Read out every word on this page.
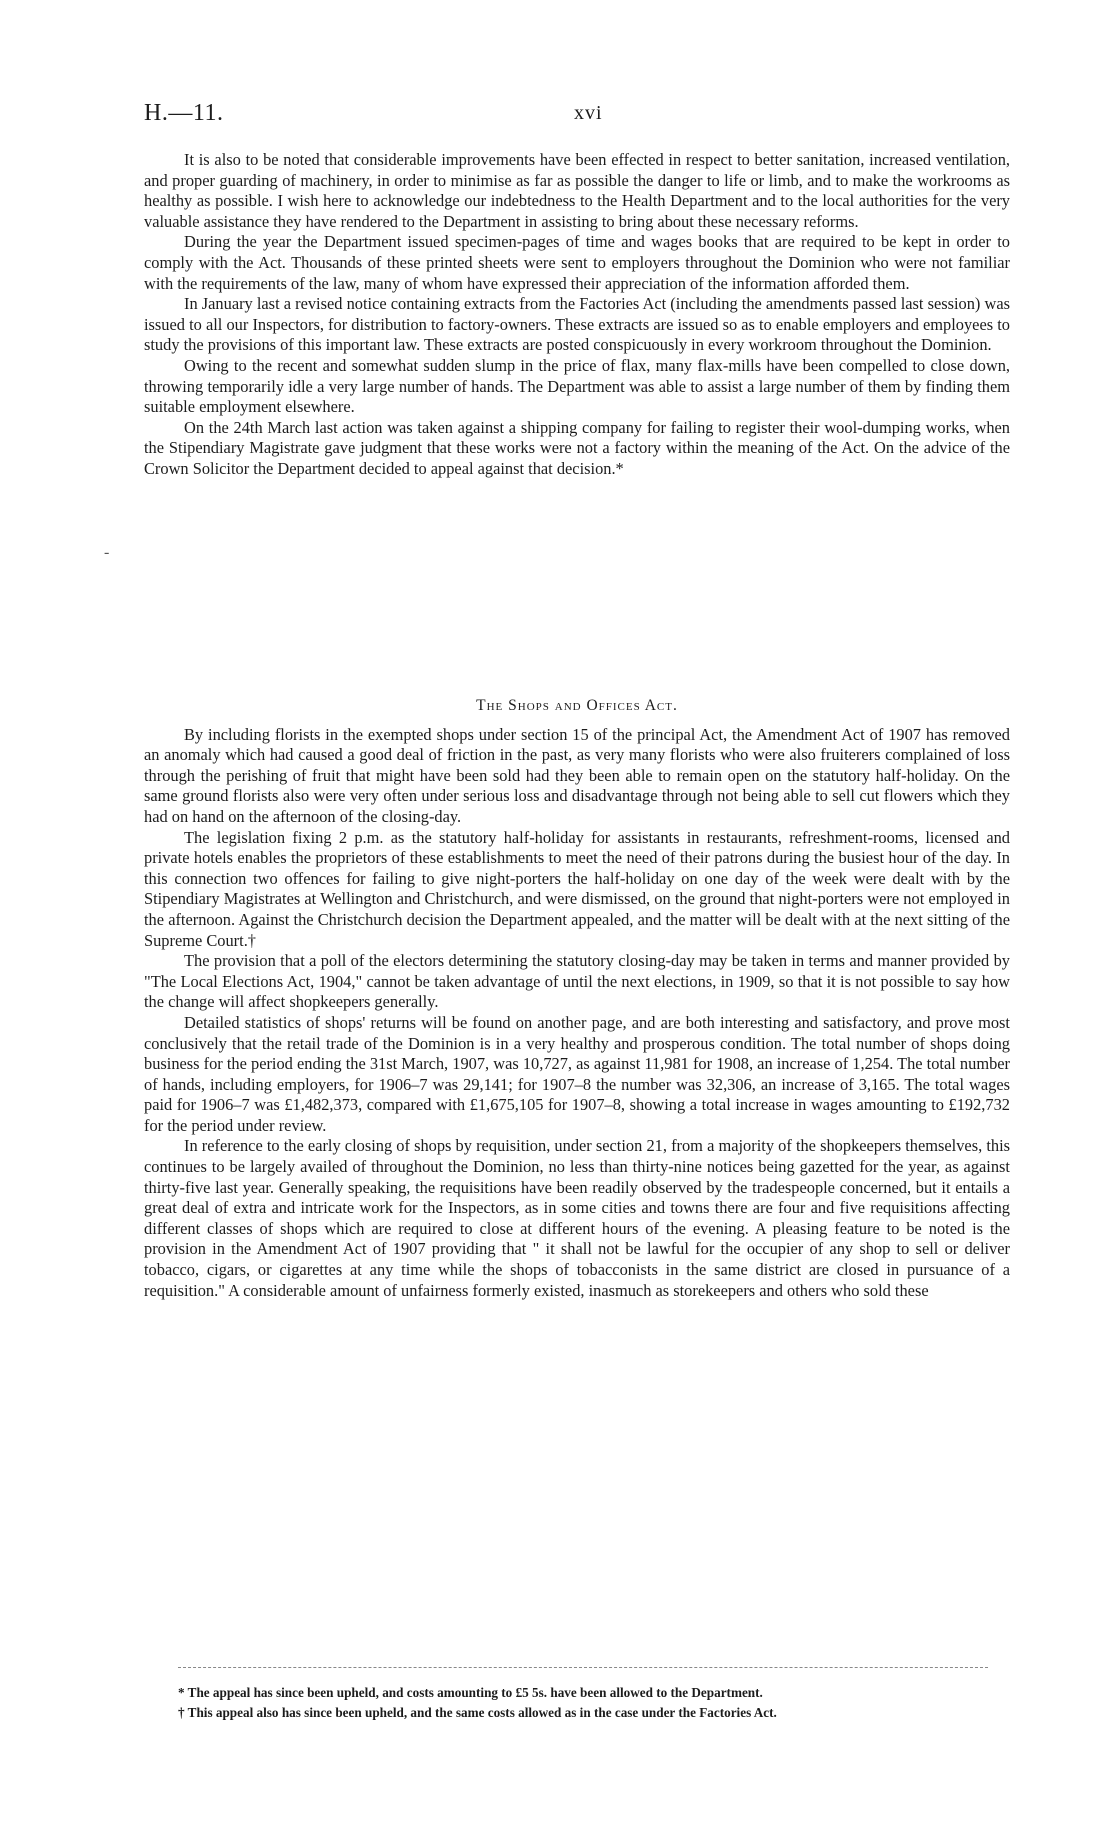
H.—11.	xvi

It is also to be noted that considerable improvements have been effected in respect to better sanitation, increased ventilation, and proper guarding of machinery, in order to minimise as far as possible the danger to life or limb, and to make the workrooms as healthy as possible. I wish here to acknowledge our indebtedness to the Health Department and to the local authorities for the very valuable assistance they have rendered to the Department in assisting to bring about these necessary reforms.

During the year the Department issued specimen-pages of time and wages books that are required to be kept in order to comply with the Act. Thousands of these printed sheets were sent to employers throughout the Dominion who were not familiar with the requirements of the law, many of whom have expressed their appreciation of the information afforded them.

In January last a revised notice containing extracts from the Factories Act (including the amendments passed last session) was issued to all our Inspectors, for distribution to factory-owners. These extracts are issued so as to enable employers and employees to study the provisions of this important law. These extracts are posted conspicuously in every workroom throughout the Dominion.

Owing to the recent and somewhat sudden slump in the price of flax, many flax-mills have been compelled to close down, throwing temporarily idle a very large number of hands. The Department was able to assist a large number of them by finding them suitable employment elsewhere.

On the 24th March last action was taken against a shipping company for failing to register their wool-dumping works, when the Stipendiary Magistrate gave judgment that these works were not a factory within the meaning of the Act. On the advice of the Crown Solicitor the Department decided to appeal against that decision.*

-

The Shops and Offices Act.

By including florists in the exempted shops under section 15 of the principal Act, the Amendment Act of 1907 has removed an anomaly which had caused a good deal of friction in the past, as very many florists who were also fruiterers complained of loss through the perishing of fruit that might have been sold had they been able to remain open on the statutory half-holiday. On the same ground florists also were very often under serious loss and disadvantage through not being able to sell cut flowers which they had on hand on the afternoon of the closing-day.

The legislation fixing 2 p.m. as the statutory half-holiday for assistants in restaurants, refreshment-rooms, licensed and private hotels enables the proprietors of these establishments to meet the need of their patrons during the busiest hour of the day. In this connection two offences for failing to give night-porters the half-holiday on one day of the week were dealt with by the Stipendiary Magistrates at Wellington and Christchurch, and were dismissed, on the ground that night-porters were not employed in the afternoon. Against the Christchurch decision the Department appealed, and the matter will be dealt with at the next sitting of the Supreme Court.†

The provision that a poll of the electors determining the statutory closing-day may be taken in terms and manner provided by "The Local Elections Act, 1904," cannot be taken advantage of until the next elections, in 1909, so that it is not possible to say how the change will affect shopkeepers generally.

Detailed statistics of shops' returns will be found on another page, and are both interesting and satisfactory, and prove most conclusively that the retail trade of the Dominion is in a very healthy and prosperous condition. The total number of shops doing business for the period ending the 31st March, 1907, was 10,727, as against 11,981 for 1908, an increase of 1,254. The total number of hands, including employers, for 1906–7 was 29,141; for 1907–8 the number was 32,306, an increase of 3,165. The total wages paid for 1906–7 was £1,482,373, compared with £1,675,105 for 1907–8, showing a total increase in wages amounting to £192,732 for the period under review.

In reference to the early closing of shops by requisition, under section 21, from a majority of the shopkeepers themselves, this continues to be largely availed of throughout the Dominion, no less than thirty-nine notices being gazetted for the year, as against thirty-five last year. Generally speaking, the requisitions have been readily observed by the tradespeople concerned, but it entails a great deal of extra and intricate work for the Inspectors, as in some cities and towns there are four and five requisitions affecting different classes of shops which are required to close at different hours of the evening. A pleasing feature to be noted is the provision in the Amendment Act of 1907 providing that " it shall not be lawful for the occupier of any shop to sell or deliver tobacco, cigars, or cigarettes at any time while the shops of tobacconists in the same district are closed in pursuance of a requisition." A considerable amount of unfairness formerly existed, inasmuch as storekeepers and others who sold these

* The appeal has since been upheld, and costs amounting to £5 5s. have been allowed to the Department.
† This appeal also has since been upheld, and the same costs allowed as in the case under the Factories Act.
